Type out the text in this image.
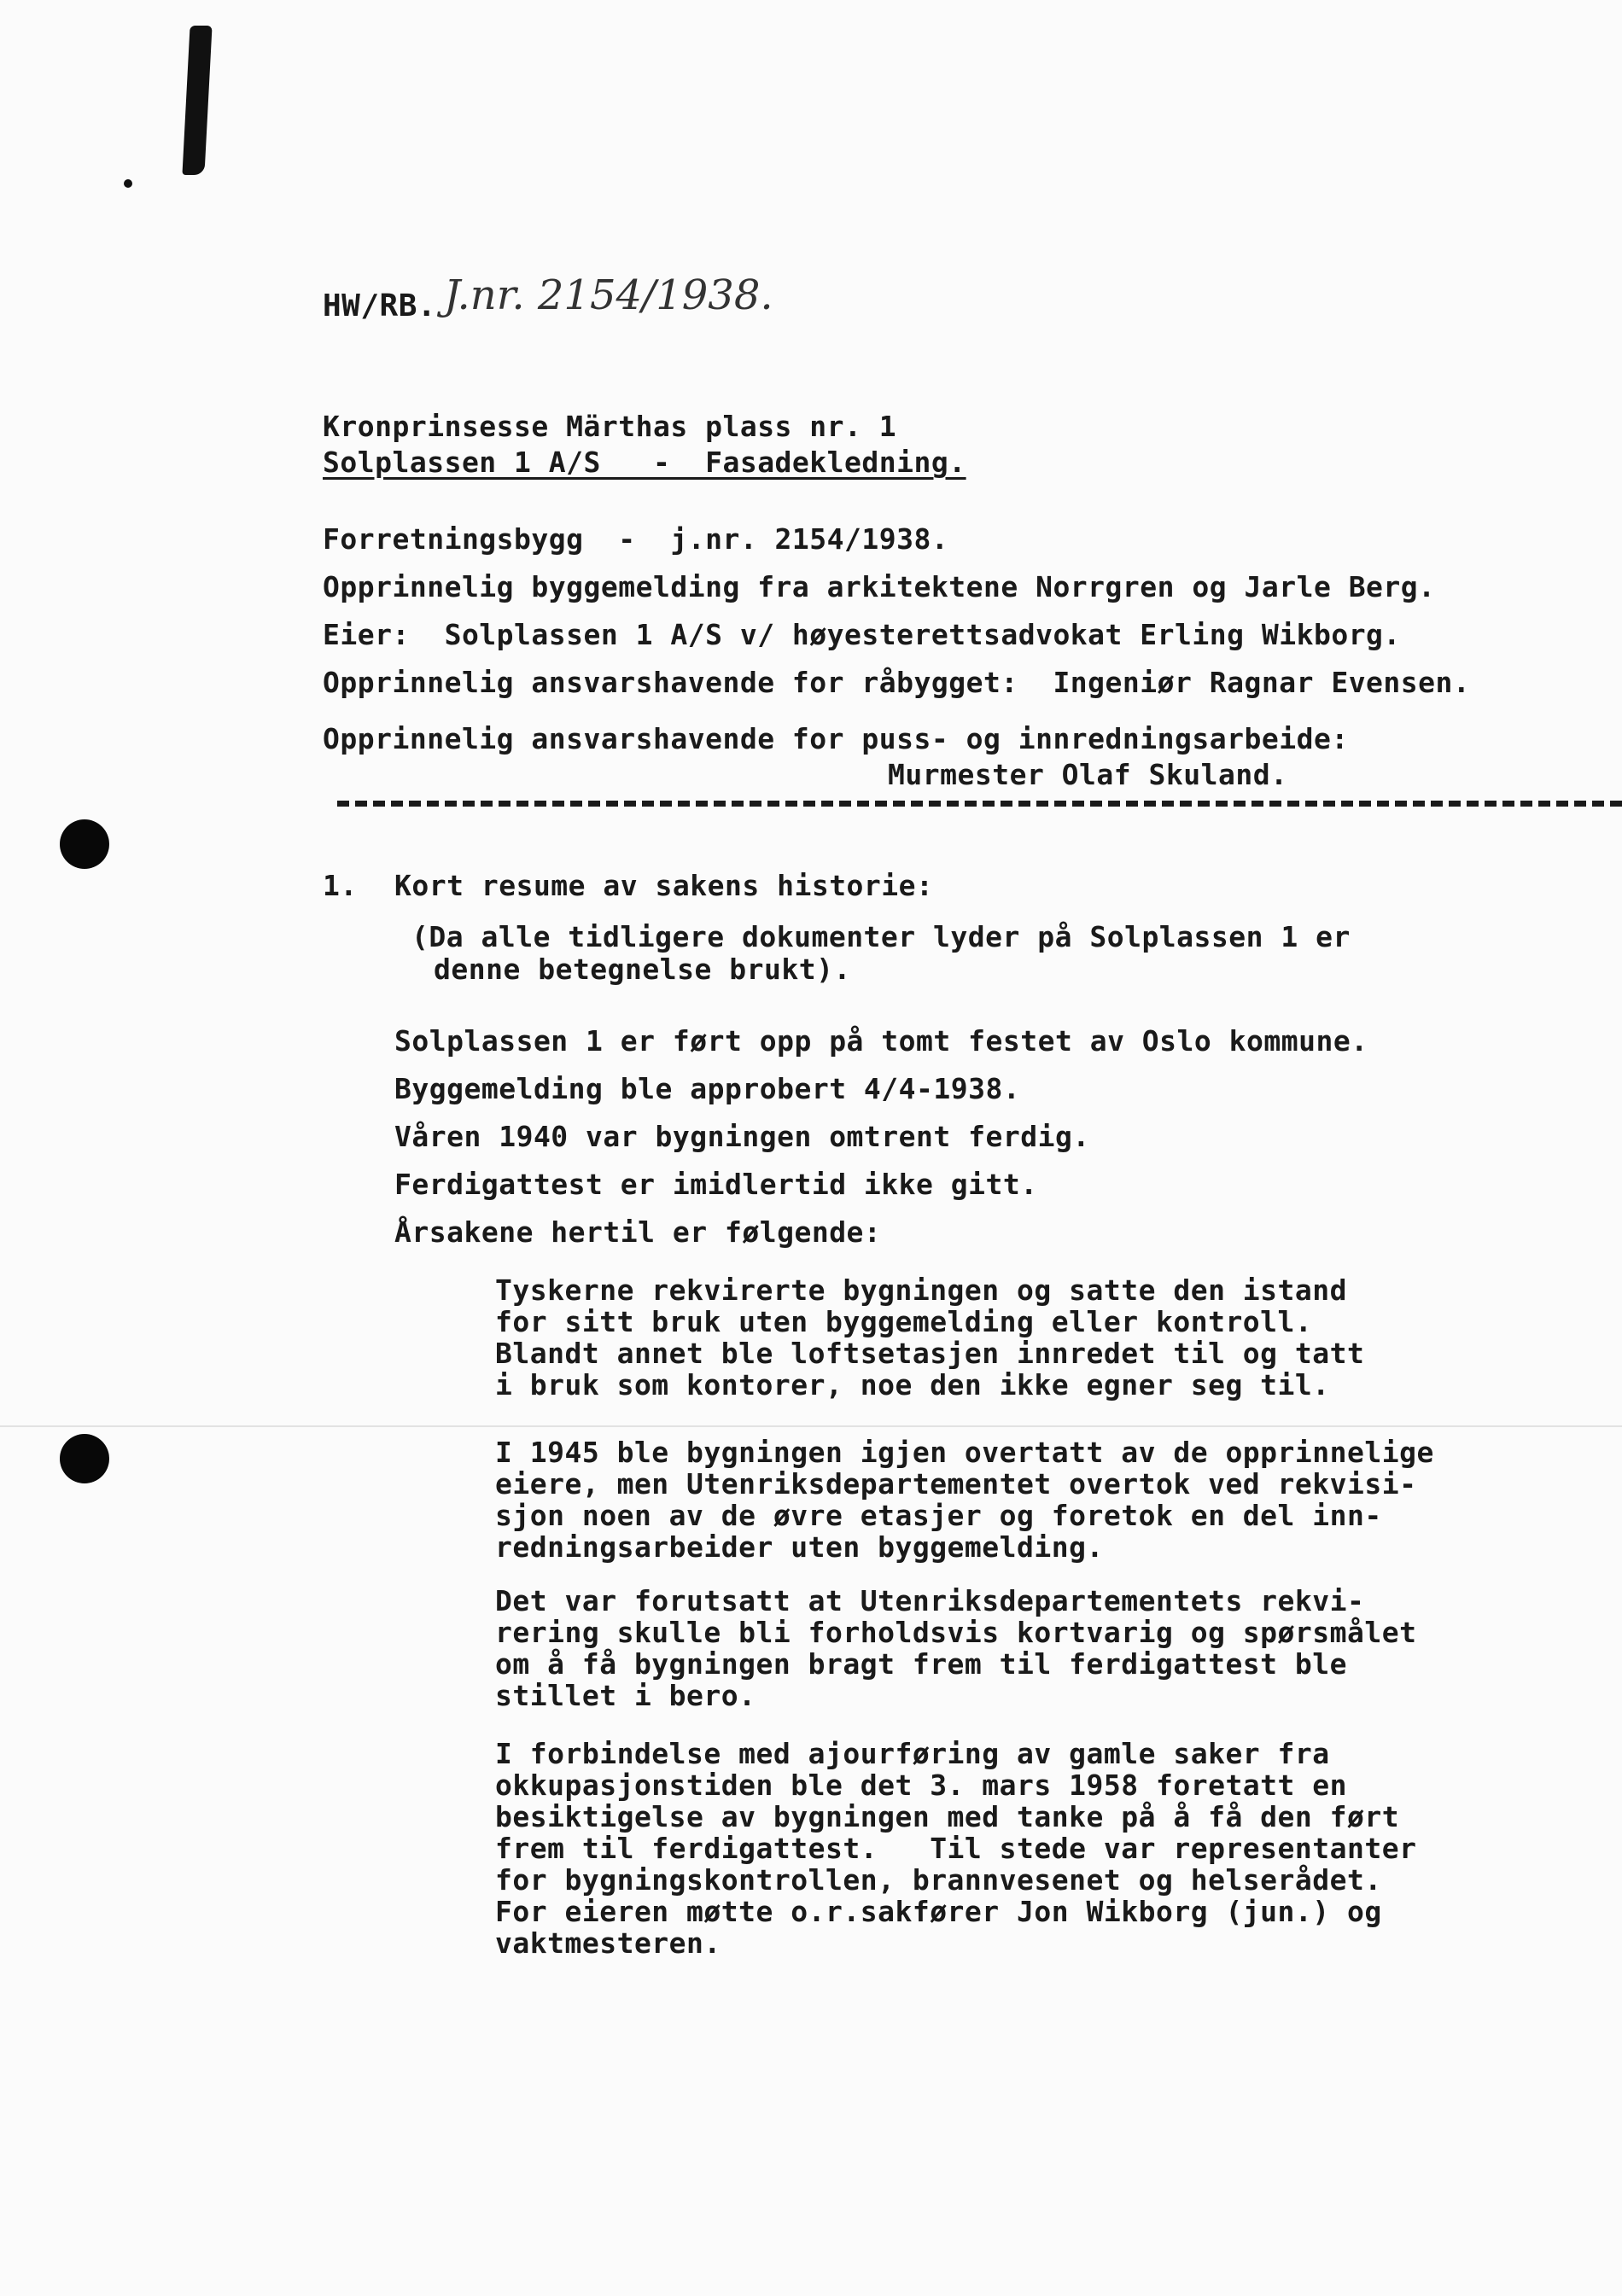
HW/RB. J.nr. 2154/1938.
Kronprinsesse Märthas plass nr. 1
Solplassen 1 A/S   -  Fasadekledning.
Forretningsbygg  -  j.nr. 2154/1938.
Opprinnelig byggemelding fra arkitektene Norrgren og Jarle Berg.
Eier:  Solplassen 1 A/S v/ høyesterettsadvokat Erling Wikborg.
Opprinnelig ansvarshavende for råbygget:  Ingeniør Ragnar Evensen.
Opprinnelig ansvarshavende for puss- og innredningsarbeide:
Murmester Olaf Skuland.
1. Kort resume av sakens historie:
(Da alle tidligere dokumenter lyder på Solplassen 1 er
denne betegnelse brukt).
Solplassen 1 er ført opp på tomt festet av Oslo kommune.
Byggemelding ble approbert 4/4-1938.
Våren 1940 var bygningen omtrent ferdig.
Ferdigattest er imidlertid ikke gitt.
Årsakene hertil er følgende:
Tyskerne rekvirerte bygningen og satte den istand
for sitt bruk uten byggemelding eller kontroll.
Blandt annet ble loftsetasjen innredet til og tatt
i bruk som kontorer, noe den ikke egner seg til.
I 1945 ble bygningen igjen overtatt av de opprinnelige
eiere, men Utenriksdepartementet overtok ved rekvisi-
sjon noen av de øvre etasjer og foretok en del inn-
redningsarbeider uten byggemelding.
Det var forutsatt at Utenriksdepartementets rekvi-
rering skulle bli forholdsvis kortvarig og spørsmålet
om å få bygningen bragt frem til ferdigattest ble
stillet i bero.
I forbindelse med ajourføring av gamle saker fra
okkupasjonstiden ble det 3. mars 1958 foretatt en
besiktigelse av bygningen med tanke på å få den ført
frem til ferdigattest.   Til stede var representanter
for bygningskontrollen, brannvesenet og helserådet.
For eieren møtte o.r.sakfører Jon Wikborg (jun.) og
vaktmesteren.
